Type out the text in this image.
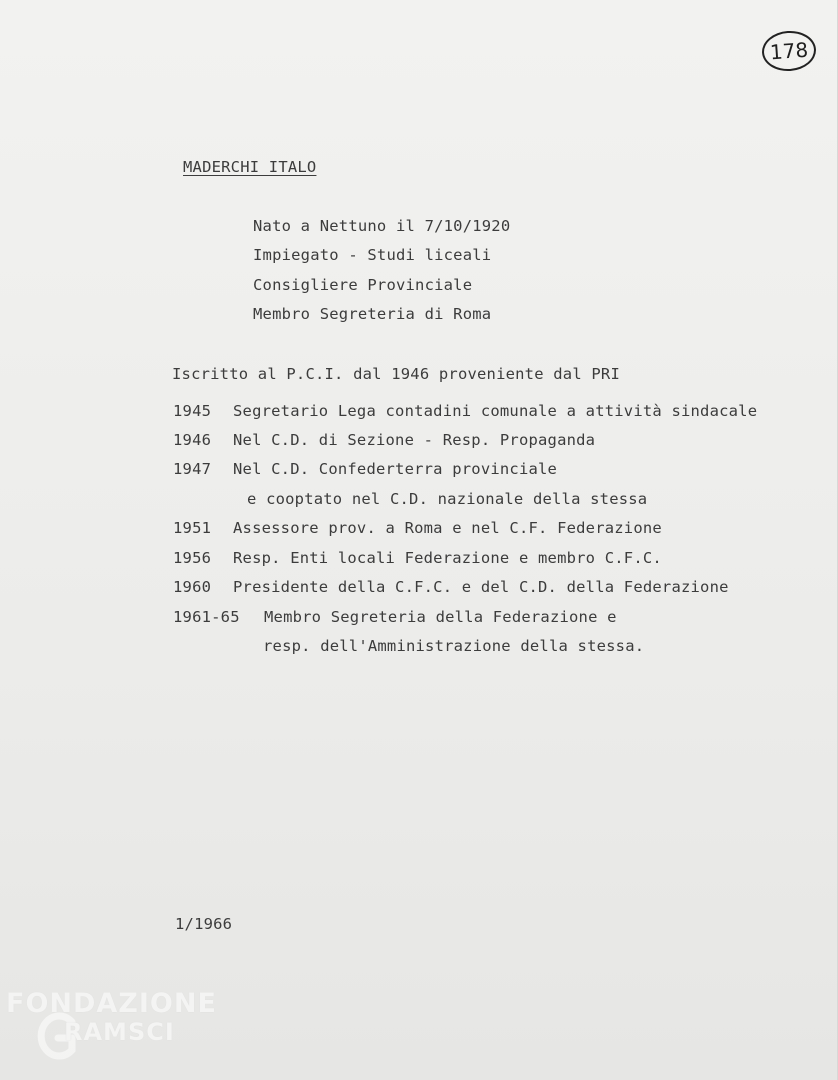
178
MADERCHI ITALO
Nato a Nettuno il 7/10/1920
Impiegato - Studi liceali
Consigliere Provinciale
Membro Segreteria di Roma
Iscritto al P.C.I. dal 1946 proveniente dal PRI
1945 Segretario Lega contadini comunale a attività sindacale
1946 Nel C.D. di Sezione - Resp. Propaganda
1947 Nel C.D. Confederterra provinciale
e cooptato nel C.D. nazionale della stessa
1951 Assessore prov. a Roma e nel C.F. Federazione
1956 Resp. Enti locali Federazione e membro C.F.C.
1960 Presidente della C.F.C. e del C.D. della Federazione
1961-65 Membro Segreteria della Federazione e
resp. dell'Amministrazione della stessa.
1/1966
FONDAZIONE
RAMSCI
